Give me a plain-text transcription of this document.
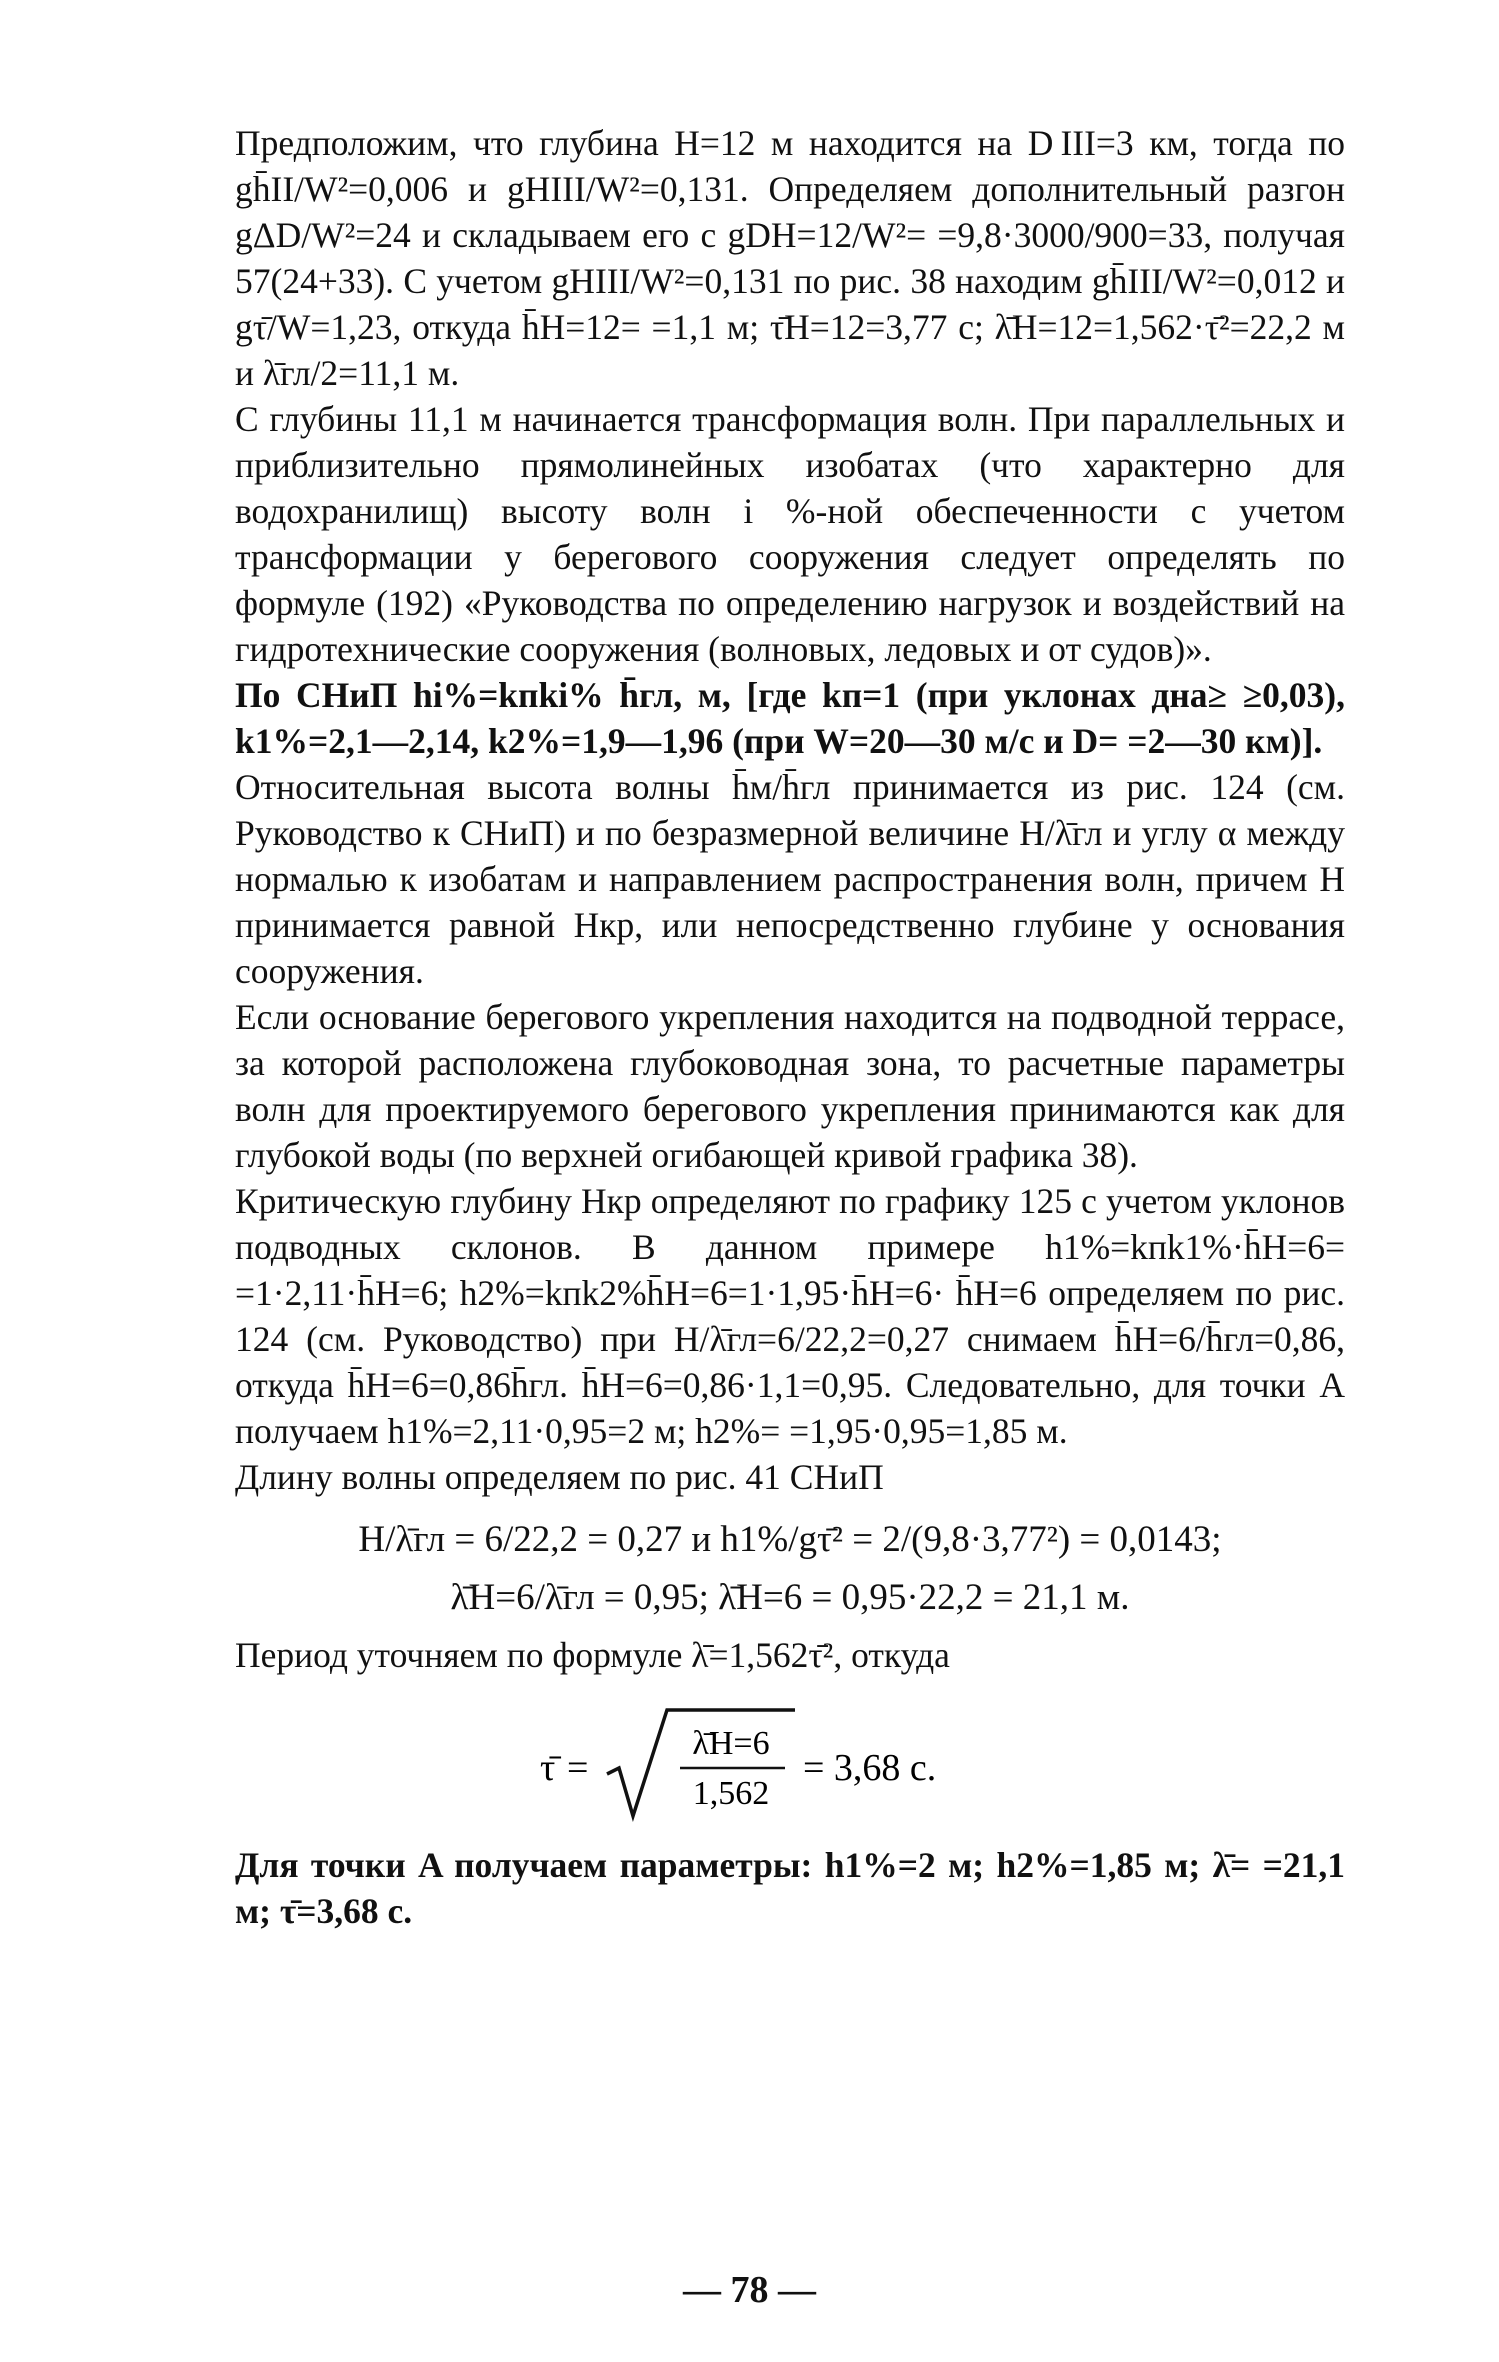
Предположим, что глубина H=12 м находится на D III=3 км, тогда по gh̄II/W²=0,006 и gHIII/W²=0,131. Определяем дополнительный разгон gΔD/W²=24 и складываем его с gDH=12/W²= =9,8·3000/900=33, получая 57(24+33). С учетом gHIII/W²=0,131 по рис. 38 находим gh̄III/W²=0,012 и gτ̄/W=1,23, откуда h̄H=12= =1,1 м; τ̄H=12=3,77 с; λ̄H=12=1,562·τ̄²=22,2 м и λ̄гл/2=11,1 м.

С глубины 11,1 м начинается трансформация волн. При параллельных и приблизительно прямолинейных изобатах (что характерно для водохранилищ) высоту волн i %-ной обеспеченности с учетом трансформации у берегового сооружения следует определять по формуле (192) «Руководства по определению нагрузок и воздействий на гидротехнические сооружения (волновых, ледовых и от судов)».

По СНиП hi%=kпki% h̄гл, м, [где kп=1 (при уклонах дна≥ ≥0,03), k1%=2,1—2,14, k2%=1,9—1,96 (при W=20—30 м/с и D= =2—30 км)].

Относительная высота волны h̄м/h̄гл принимается из рис. 124 (см. Руководство к СНиП) и по безразмерной величине H/λ̄гл и углу α между нормалью к изобатам и направлением распространения волн, причем H принимается равной Hкр, или непосредственно глубине у основания сооружения.

Если основание берегового укрепления находится на подводной террасе, за которой расположена глубоководная зона, то расчетные параметры волн для проектируемого берегового укрепления принимаются как для глубокой воды (по верхней огибающей кривой графика 38).

Критическую глубину Hкр определяют по графику 125 с учетом уклонов подводных склонов. В данном примере h1%=kпk1%·h̄H=6= =1·2,11·h̄H=6; h2%=kпk2%h̄H=6=1·1,95·h̄H=6· h̄H=6 определяем по рис. 124 (см. Руководство) при H/λ̄гл=6/22,2=0,27 снимаем h̄H=6/h̄гл=0,86, откуда h̄H=6=0,86h̄гл. h̄H=6=0,86·1,1=0,95. Следовательно, для точки A получаем h1%=2,11·0,95=2 м; h2%= =1,95·0,95=1,85 м.

Длину волны определяем по рис. 41 СНиП

H/λ̄гл = 6/22,2 = 0,27 и h1%/gτ̄² = 2/(9,8·3,77²) = 0,0143;

λ̄H=6/λ̄гл = 0,95; λ̄H=6 = 0,95·22,2 = 21,1 м.

Период уточняем по формуле λ̄=1,562τ̄², откуда

τ̄ =
λ̄H=6
1,562
= 3,68 с.

Для точки A получаем параметры: h1%=2 м; h2%=1,85 м; λ̄= =21,1 м; τ̄=3,68 с.

— 78 —
